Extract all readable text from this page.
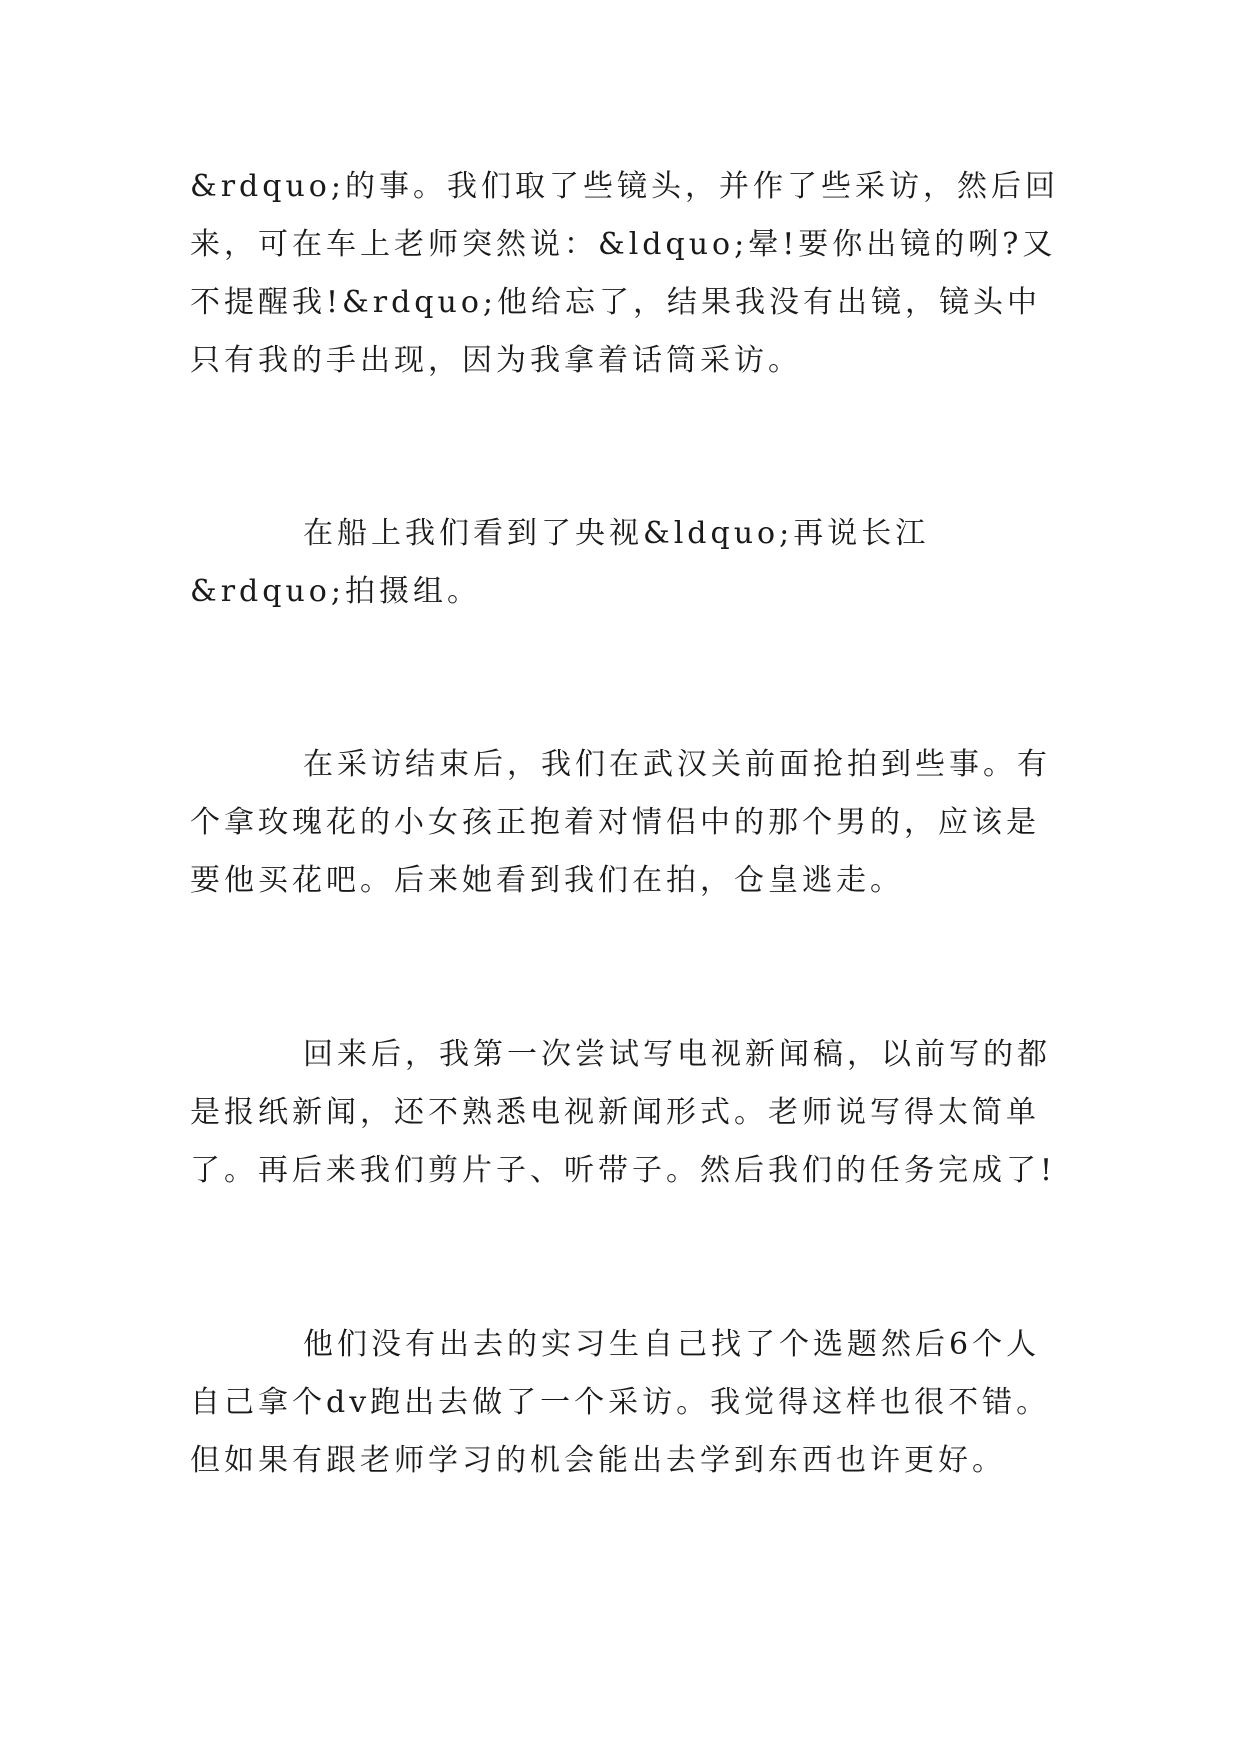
&rdquo;的事。我们取了些镜头，并作了些采访，然后回来，可在车上老师突然说：&ldquo;晕!要你出镜的咧?又不提醒我!&rdquo;他给忘了，结果我没有出镜，镜头中只有我的手出现，因为我拿着话筒采访。

在船上我们看到了央视&ldquo;再说长江&rdquo;拍摄组。

在采访结束后，我们在武汉关前面抢拍到些事。有个拿玫瑰花的小女孩正抱着对情侣中的那个男的，应该是要他买花吧。后来她看到我们在拍，仓皇逃走。

回来后，我第一次尝试写电视新闻稿，以前写的都是报纸新闻，还不熟悉电视新闻形式。老师说写得太简单了。再后来我们剪片子、听带子。然后我们的任务完成了!

他们没有出去的实习生自己找了个选题然后6个人自己拿个dv跑出去做了一个采访。我觉得这样也很不错。但如果有跟老师学习的机会能出去学到东西也许更好。
